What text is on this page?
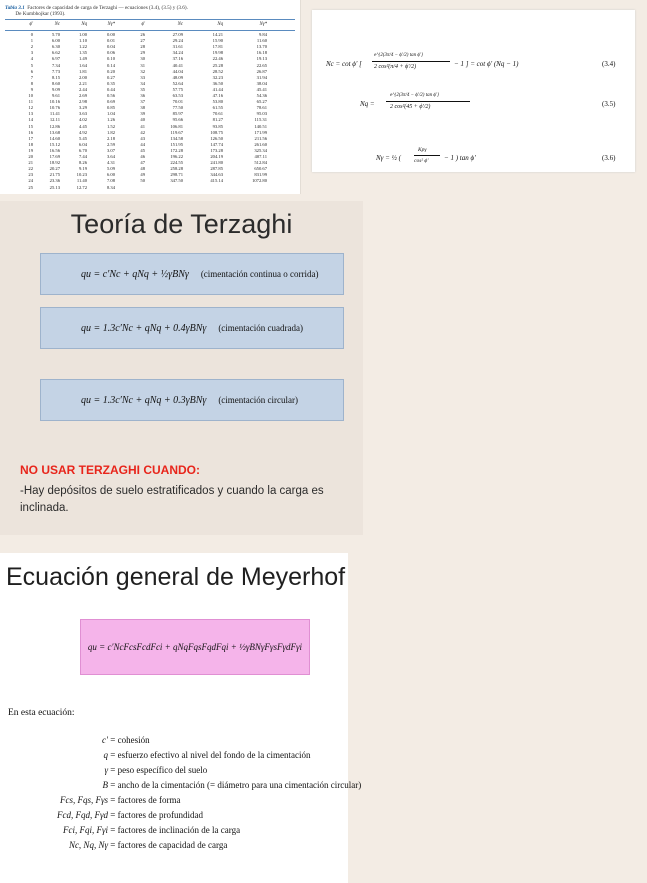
Tabla 3.1 Factores de capacidad de carga de Terzaghi — ecuaciones (3.4), (3.5) y (3.6).
De Kumbhojkar (1993).
ϕ'	Nc	Nq	Nγ*	ϕ'	Nc	Nq	Nγ*
0	5.70	1.00	0.00	26	27.09	14.21	9.84
1	6.00	1.10	0.01	27	29.24	15.90	11.60
2	6.30	1.22	0.04	28	31.61	17.81	13.70
3	6.62	1.35	0.06	29	34.24	19.98	16.18
4	6.97	1.49	0.10	30	37.16	22.46	19.13
5	7.34	1.64	0.14	31	40.41	25.28	22.65
6	7.73	1.81	0.20	32	44.04	28.52	26.87
7	8.15	2.00	0.27	33	48.09	32.23	31.94
8	8.60	2.21	0.35	34	52.64	36.50	38.04
9	9.09	2.44	0.44	35	57.75	41.44	45.41
10	9.61	2.69	0.56	36	63.53	47.16	54.36
11	10.16	2.98	0.69	37	70.01	53.80	65.27
12	10.76	3.29	0.85	38	77.50	61.55	78.61
13	11.41	3.63	1.04	39	85.97	70.61	95.03
14	12.11	4.02	1.26	40	95.66	81.27	115.31
15	12.86	4.45	1.52	41	106.81	93.85	140.51
16	13.68	4.92	1.82	42	119.67	108.75	171.99
17	14.60	5.45	2.18	43	134.58	126.50	211.56
18	15.12	6.04	2.59	44	151.95	147.74	261.60
19	16.56	6.70	3.07	45	172.28	173.28	325.34
20	17.69	7.44	3.64	46	196.22	204.19	407.11
21	18.92	8.26	4.31	47	224.55	241.80	512.84
22	20.27	9.19	5.09	48	258.28	287.85	650.67
23	21.75	10.23	6.00	49	298.71	344.63	831.99
24	23.36	11.40	7.08	50	347.50	415.14	1072.80
25	25.13	12.72	8.34
Nc = cot ϕ' [
e^{2(3π/4 − ϕ'/2) tan ϕ'}
2 cos²(π/4 + ϕ'/2)	− 1 ] = cot ϕ' (Nq − 1)	(3.4)
Nq =
e^{2(3π/4 − ϕ'/2) tan ϕ'}
2 cos²(45 + ϕ'/2)	(3.5)
Nγ = ½ (
Kpγ
cos² ϕ' − 1 ) tan ϕ'	(3.6)
Teoría de Terzaghi
qu = c′Nc + qNq + ½γBNγ (cimentación continua o corrida)
qu = 1.3c′Nc + qNq + 0.4γBNγ (cimentación cuadrada)
qu = 1.3c′Nc + qNq + 0.3γBNγ (cimentación circular)
NO USAR TERZAGHI CUANDO:
-Hay depósitos de suelo estratificados y cuando la carga es inclinada.
Ecuación general de Meyerhof
qu = c′NcFcsFcdFci + qNqFqsFqdFqi + ½γBNγFγsFγdFγi
En esta ecuación:
c′ = cohesión
q = esfuerzo efectivo al nivel del fondo de la cimentación
γ = peso específico del suelo
B = ancho de la cimentación (= diámetro para una cimentación circular)
Fcs, Fqs, Fγs = factores de forma
Fcd, Fqd, Fγd = factores de profundidad
Fci, Fqi, Fγi = factores de inclinación de la carga
Nc, Nq, Nγ = factores de capacidad de carga
